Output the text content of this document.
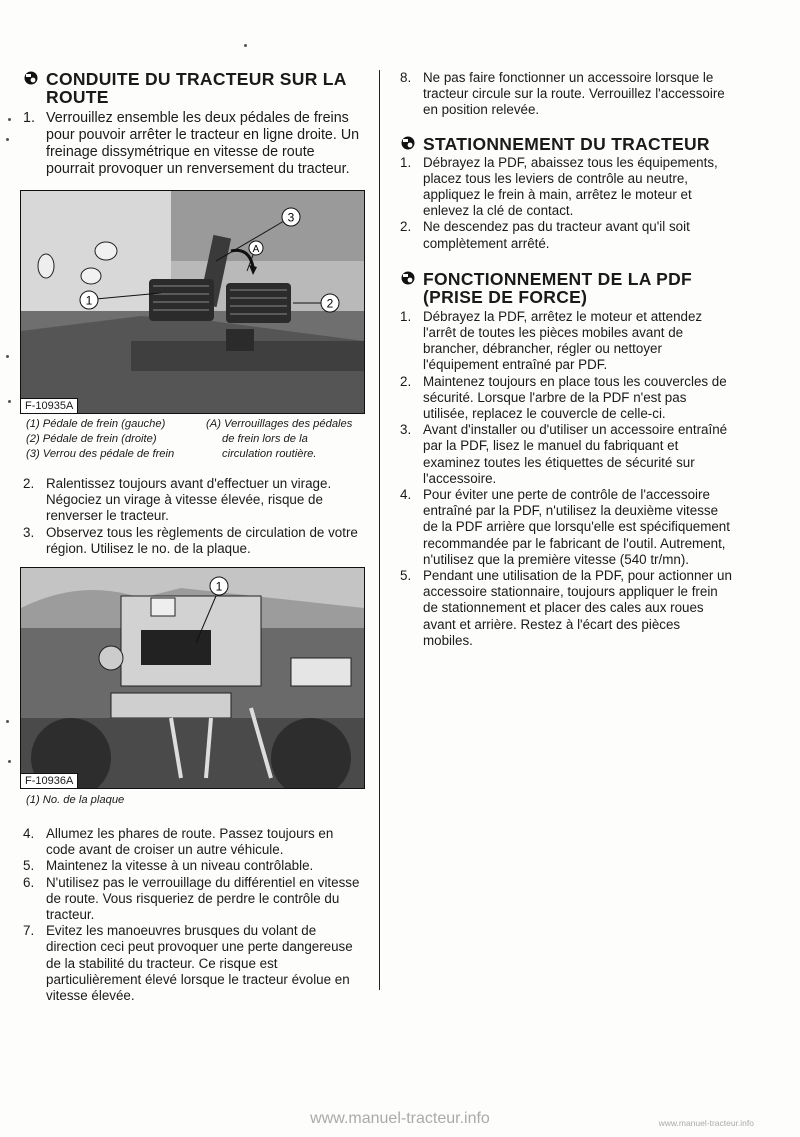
CONDUITE DU TRACTEUR SUR LA ROUTE
1. Verrouillez ensemble les deux pédales de freins pour pouvoir arrêter le tracteur en ligne droite. Un freinage dissymétrique en vitesse de route pourrait provoquer un renversement du tracteur.
3
1	2
A
F-10935A
(1) Pédale de frein (gauche)
(2) Pédale de frein (droite)
(3) Verrou des pédale de frein
(A) Verrouillages des pédales
de frein lors de la
circulation routière.
2. Ralentissez toujours avant d'effectuer un virage. Négociez un virage à vitesse élevée, risque de renverser le tracteur.
3. Observez tous les règlements de circulation de votre région. Utilisez le no. de la plaque.
1
F-10936A
(1) No. de la plaque
4. Allumez les phares de route. Passez toujours en code avant de croiser un autre véhicule.
5. Maintenez la vitesse à un niveau contrôlable.
6. N'utilisez pas le verrouillage du différentiel en vitesse de route. Vous risqueriez de perdre le contrôle du tracteur.
7. Evitez les manoeuvres brusques du volant de direction ceci peut provoquer une perte dangereuse de la stabilité du tracteur. Ce risque est particulièrement élevé lorsque le tracteur évolue en vitesse élevée.
8. Ne pas faire fonctionner un accessoire lorsque le tracteur circule sur la route. Verrouillez l'accessoire en position relevée.
STATIONNEMENT DU TRACTEUR
1. Débrayez la PDF, abaissez tous les équipements, placez tous les leviers de contrôle au neutre, appliquez le frein à main, arrêtez le moteur et enlevez la clé de contact.
2. Ne descendez pas du tracteur avant qu'il soit complètement arrêté.
FONCTIONNEMENT DE LA PDF (PRISE DE FORCE)
1. Débrayez la PDF, arrêtez le moteur et attendez l'arrêt de toutes les pièces mobiles avant de brancher, débrancher, régler ou nettoyer l'équipement entraîné par PDF.
2. Maintenez toujours en place tous les couvercles de sécurité. Lorsque l'arbre de la PDF n'est pas utilisée, replacez le couvercle de celle-ci.
3. Avant d'installer ou d'utiliser un accessoire entraîné par la PDF, lisez le manuel du fabriquant et examinez toutes les étiquettes de sécurité sur l'accessoire.
4. Pour éviter une perte de contrôle de l'accessoire entraîné par la PDF, n'utilisez la deuxième vitesse de la PDF arrière que lorsqu'elle est spécifiquement recommandée par le fabricant de l'outil. Autrement, n'utilisez que la première vitesse (540 tr/mn).
5. Pendant une utilisation de la PDF, pour actionner un accessoire stationnaire, toujours appliquer le frein de stationnement et placer des cales aux roues avant et arrière. Restez à l'écart des pièces mobiles.
www.manuel-tracteur.info	www.manuel-tracteur.info
